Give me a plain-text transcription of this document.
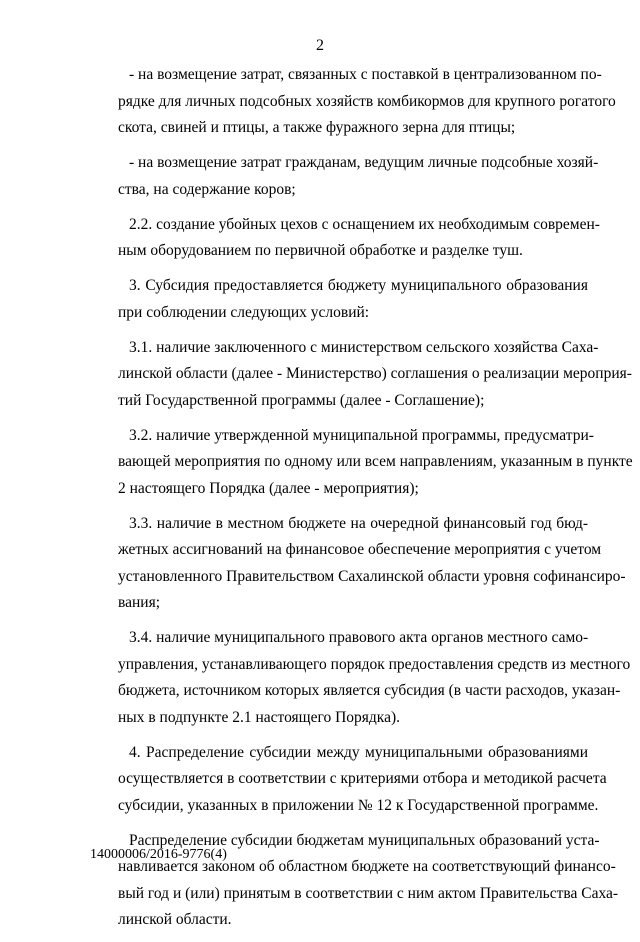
2
- на возмещение затрат, связанных с поставкой в централизованном по-
рядке для личных подсобных хозяйств комбикормов для крупного рогатого
скота, свиней и птицы, а также фуражного зерна для птицы;
- на возмещение затрат гражданам, ведущим личные подсобные хозяй-
ства, на содержание коров;
2.2. создание убойных цехов с оснащением их необходимым современ-
ным оборудованием по первичной обработке и разделке туш.
3. Субсидия предоставляется бюджету муниципального образования
при соблюдении следующих условий:
3.1. наличие заключенного с министерством сельского хозяйства Саха-
линской области (далее - Министерство) соглашения о реализации мероприя-
тий Государственной программы (далее - Соглашение);
3.2. наличие утвержденной муниципальной программы, предусматри-
вающей мероприятия по одному или всем направлениям, указанным в пункте
2 настоящего Порядка (далее - мероприятия);
3.3. наличие в местном бюджете на очередной финансовый год бюд-
жетных ассигнований на финансовое обеспечение мероприятия с учетом
установленного Правительством Сахалинской области уровня софинансиро-
вания;
3.4. наличие муниципального правового акта органов местного само-
управления, устанавливающего порядок предоставления средств из местного
бюджета, источником которых является субсидия (в части расходов, указан-
ных в подпункте 2.1 настоящего Порядка).
4. Распределение субсидии между муниципальными образованиями
осуществляется в соответствии с критериями отбора и методикой расчета
субсидии, указанных в приложении № 12 к Государственной программе.
Распределение субсидии бюджетам муниципальных образований уста-
навливается законом об областном бюджете на соответствующий финансо-
вый год и (или) принятым в соответствии с ним актом Правительства Саха-
линской области.
14000006/2016-9776(4)
